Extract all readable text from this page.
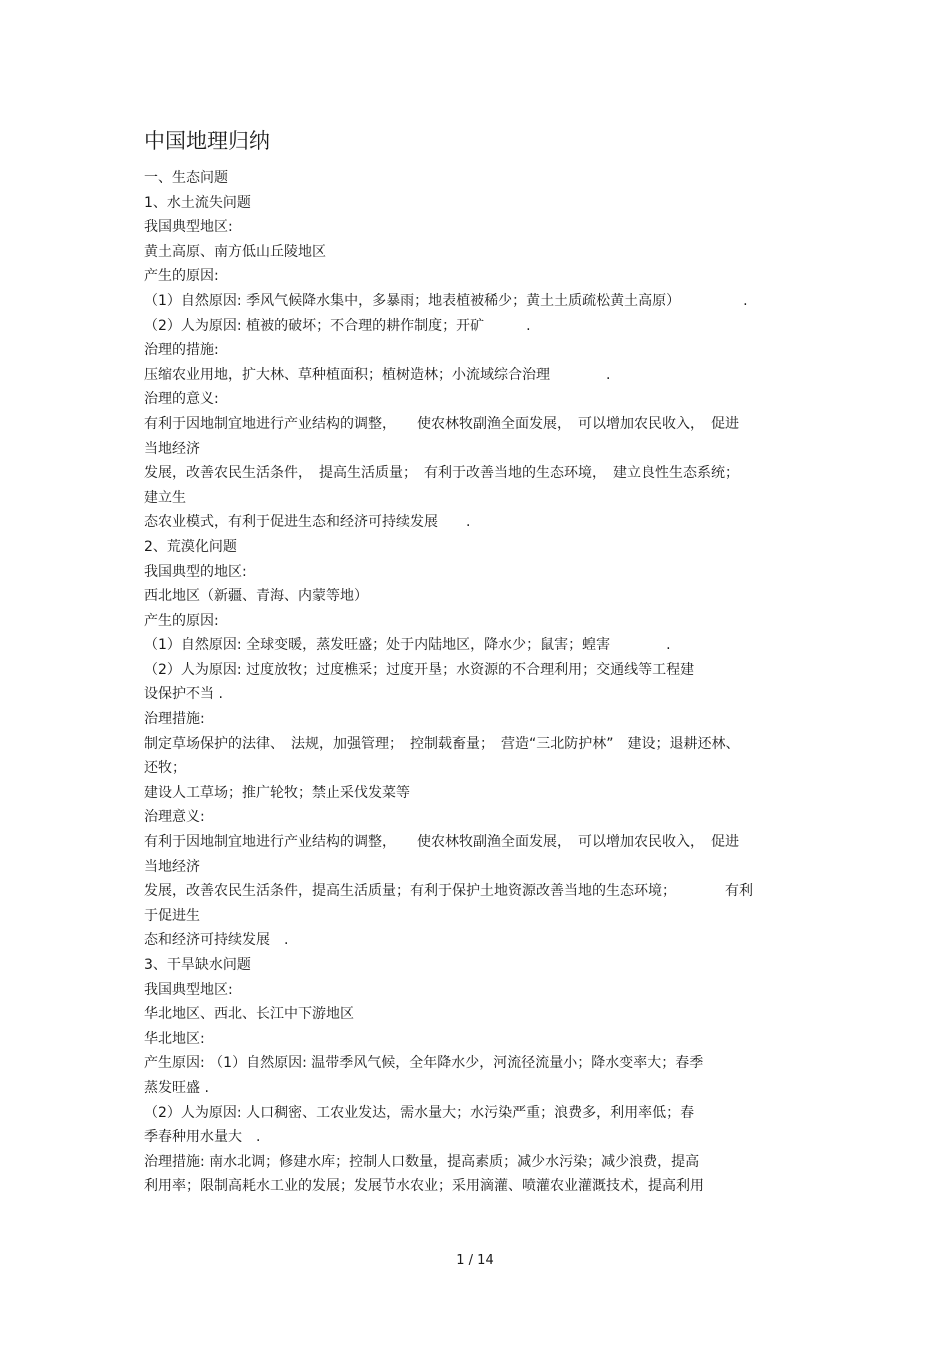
中国地理归纳
一、生态问题
1、水土流失问题
我国典型地区:
黄土高原、南方低山丘陵地区
产生的原因:
（1）自然原因: 季风气候降水集中，多暴雨；地表植被稀少；黄土土质疏松黄土高原）　　　　　.
（2）人为原因: 植被的破坏；不合理的耕作制度；开矿　　　.
治理的措施:
压缩农业用地，扩大林、草种植面积；植树造林；小流域综合治理　　　　.
治理的意义:
有利于因地制宜地进行产业结构的调整，　　使农林牧副渔全面发展，　可以增加农民收入，　促进
当地经济
发展，改善农民生活条件，　提高生活质量；　有利于改善当地的生态环境，　建立良性生态系统；
建立生
态农业模式，有利于促进生态和经济可持续发展　　.
2、荒漠化问题
我国典型的地区:
西北地区（新疆、青海、内蒙等地）
产生的原因:
（1）自然原因: 全球变暖，蒸发旺盛；处于内陆地区，降水少；鼠害；蝗害　　　　.
（2）人为原因: 过度放牧；过度樵采；过度开垦；水资源的不合理利用；交通线等工程建
设保护不当 .
治理措施:
制定草场保护的法律、　法规，加强管理；　控制载畜量；　营造“三北防护林”　建设；退耕还林、
还牧；
建设人工草场；推广轮牧；禁止采伐发菜等
治理意义:
有利于因地制宜地进行产业结构的调整，　　使农林牧副渔全面发展，　可以增加农民收入，　促进
当地经济
发展，改善农民生活条件，提高生活质量；有利于保护土地资源改善当地的生态环境；　　　　有利
于促进生
态和经济可持续发展　.
3、干旱缺水问题
我国典型地区:
华北地区、西北、长江中下游地区
华北地区:
产生原因: （1）自然原因: 温带季风气候，全年降水少，河流径流量小；降水变率大；春季
蒸发旺盛 .
（2）人为原因: 人口稠密、工农业发达，需水量大；水污染严重；浪费多，利用率低；春
季春种用水量大　.
治理措施: 南水北调；修建水库；控制人口数量，提高素质；减少水污染；减少浪费，提高
利用率；限制高耗水工业的发展；发展节水农业；采用滴灌、喷灌农业灌溉技术，提高利用
1 / 14
